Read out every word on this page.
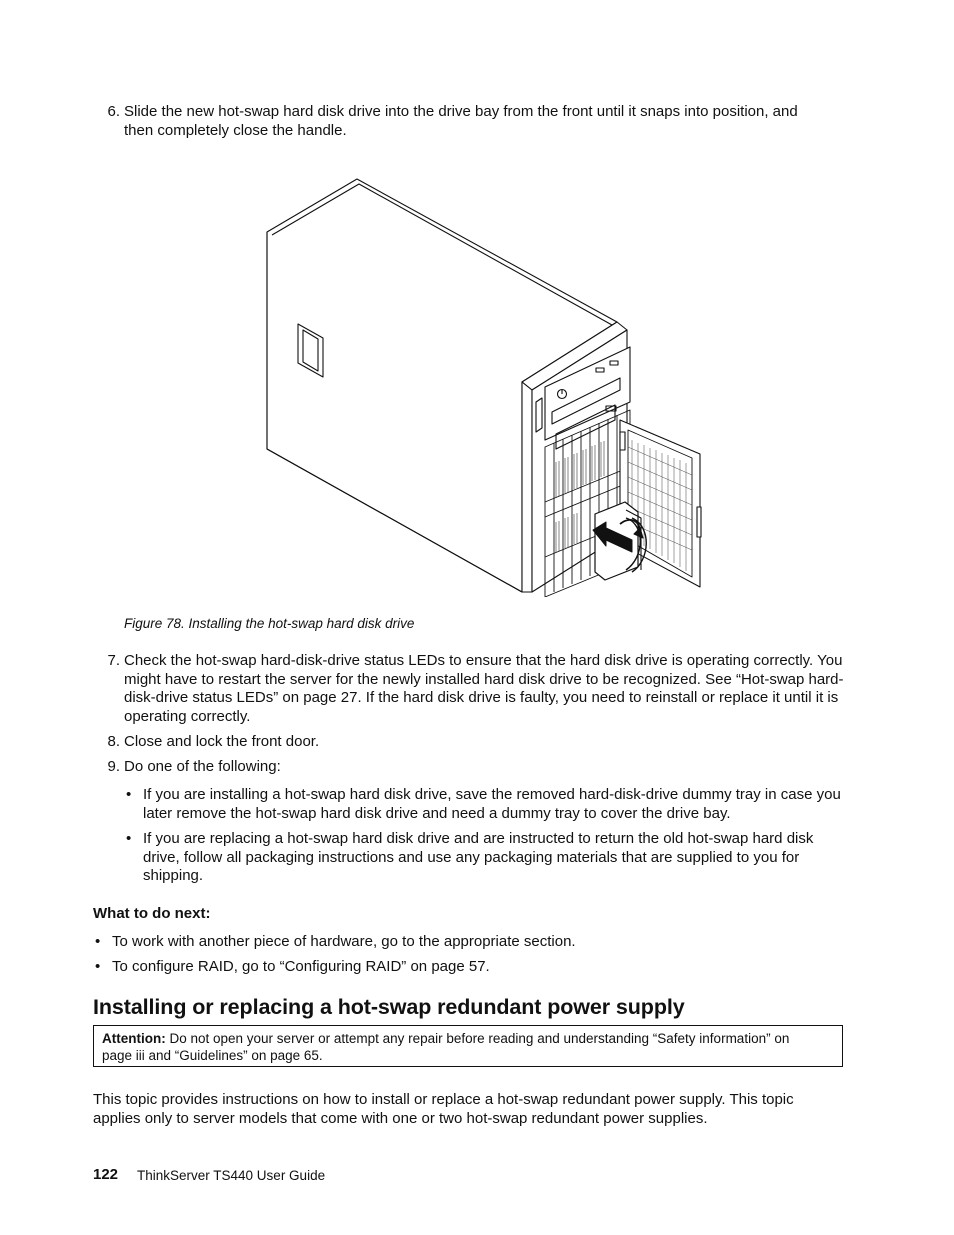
6. Slide the new hot-swap hard disk drive into the drive bay from the front until it snaps into position, and then completely close the handle.
Figure 78. Installing the hot-swap hard disk drive
7. Check the hot-swap hard-disk-drive status LEDs to ensure that the hard disk drive is operating correctly. You might have to restart the server for the newly installed hard disk drive to be recognized. See “Hot-swap hard-disk-drive status LEDs” on page 27. If the hard disk drive is faulty, you need to reinstall or replace it until it is operating correctly.
8. Close and lock the front door.
9. Do one of the following:
• If you are installing a hot-swap hard disk drive, save the removed hard-disk-drive dummy tray in case you later remove the hot-swap hard disk drive and need a dummy tray to cover the drive bay.
• If you are replacing a hot-swap hard disk drive and are instructed to return the old hot-swap hard disk drive, follow all packaging instructions and use any packaging materials that are supplied to you for shipping.
What to do next:
• To work with another piece of hardware, go to the appropriate section.
• To configure RAID, go to “Configuring RAID” on page 57.
Installing or replacing a hot-swap redundant power supply
Attention: Do not open your server or attempt any repair before reading and understanding “Safety information” on page iii and “Guidelines” on page 65.
This topic provides instructions on how to install or replace a hot-swap redundant power supply. This topic applies only to server models that come with one or two hot-swap redundant power supplies.
122 ThinkServer TS440 User Guide
